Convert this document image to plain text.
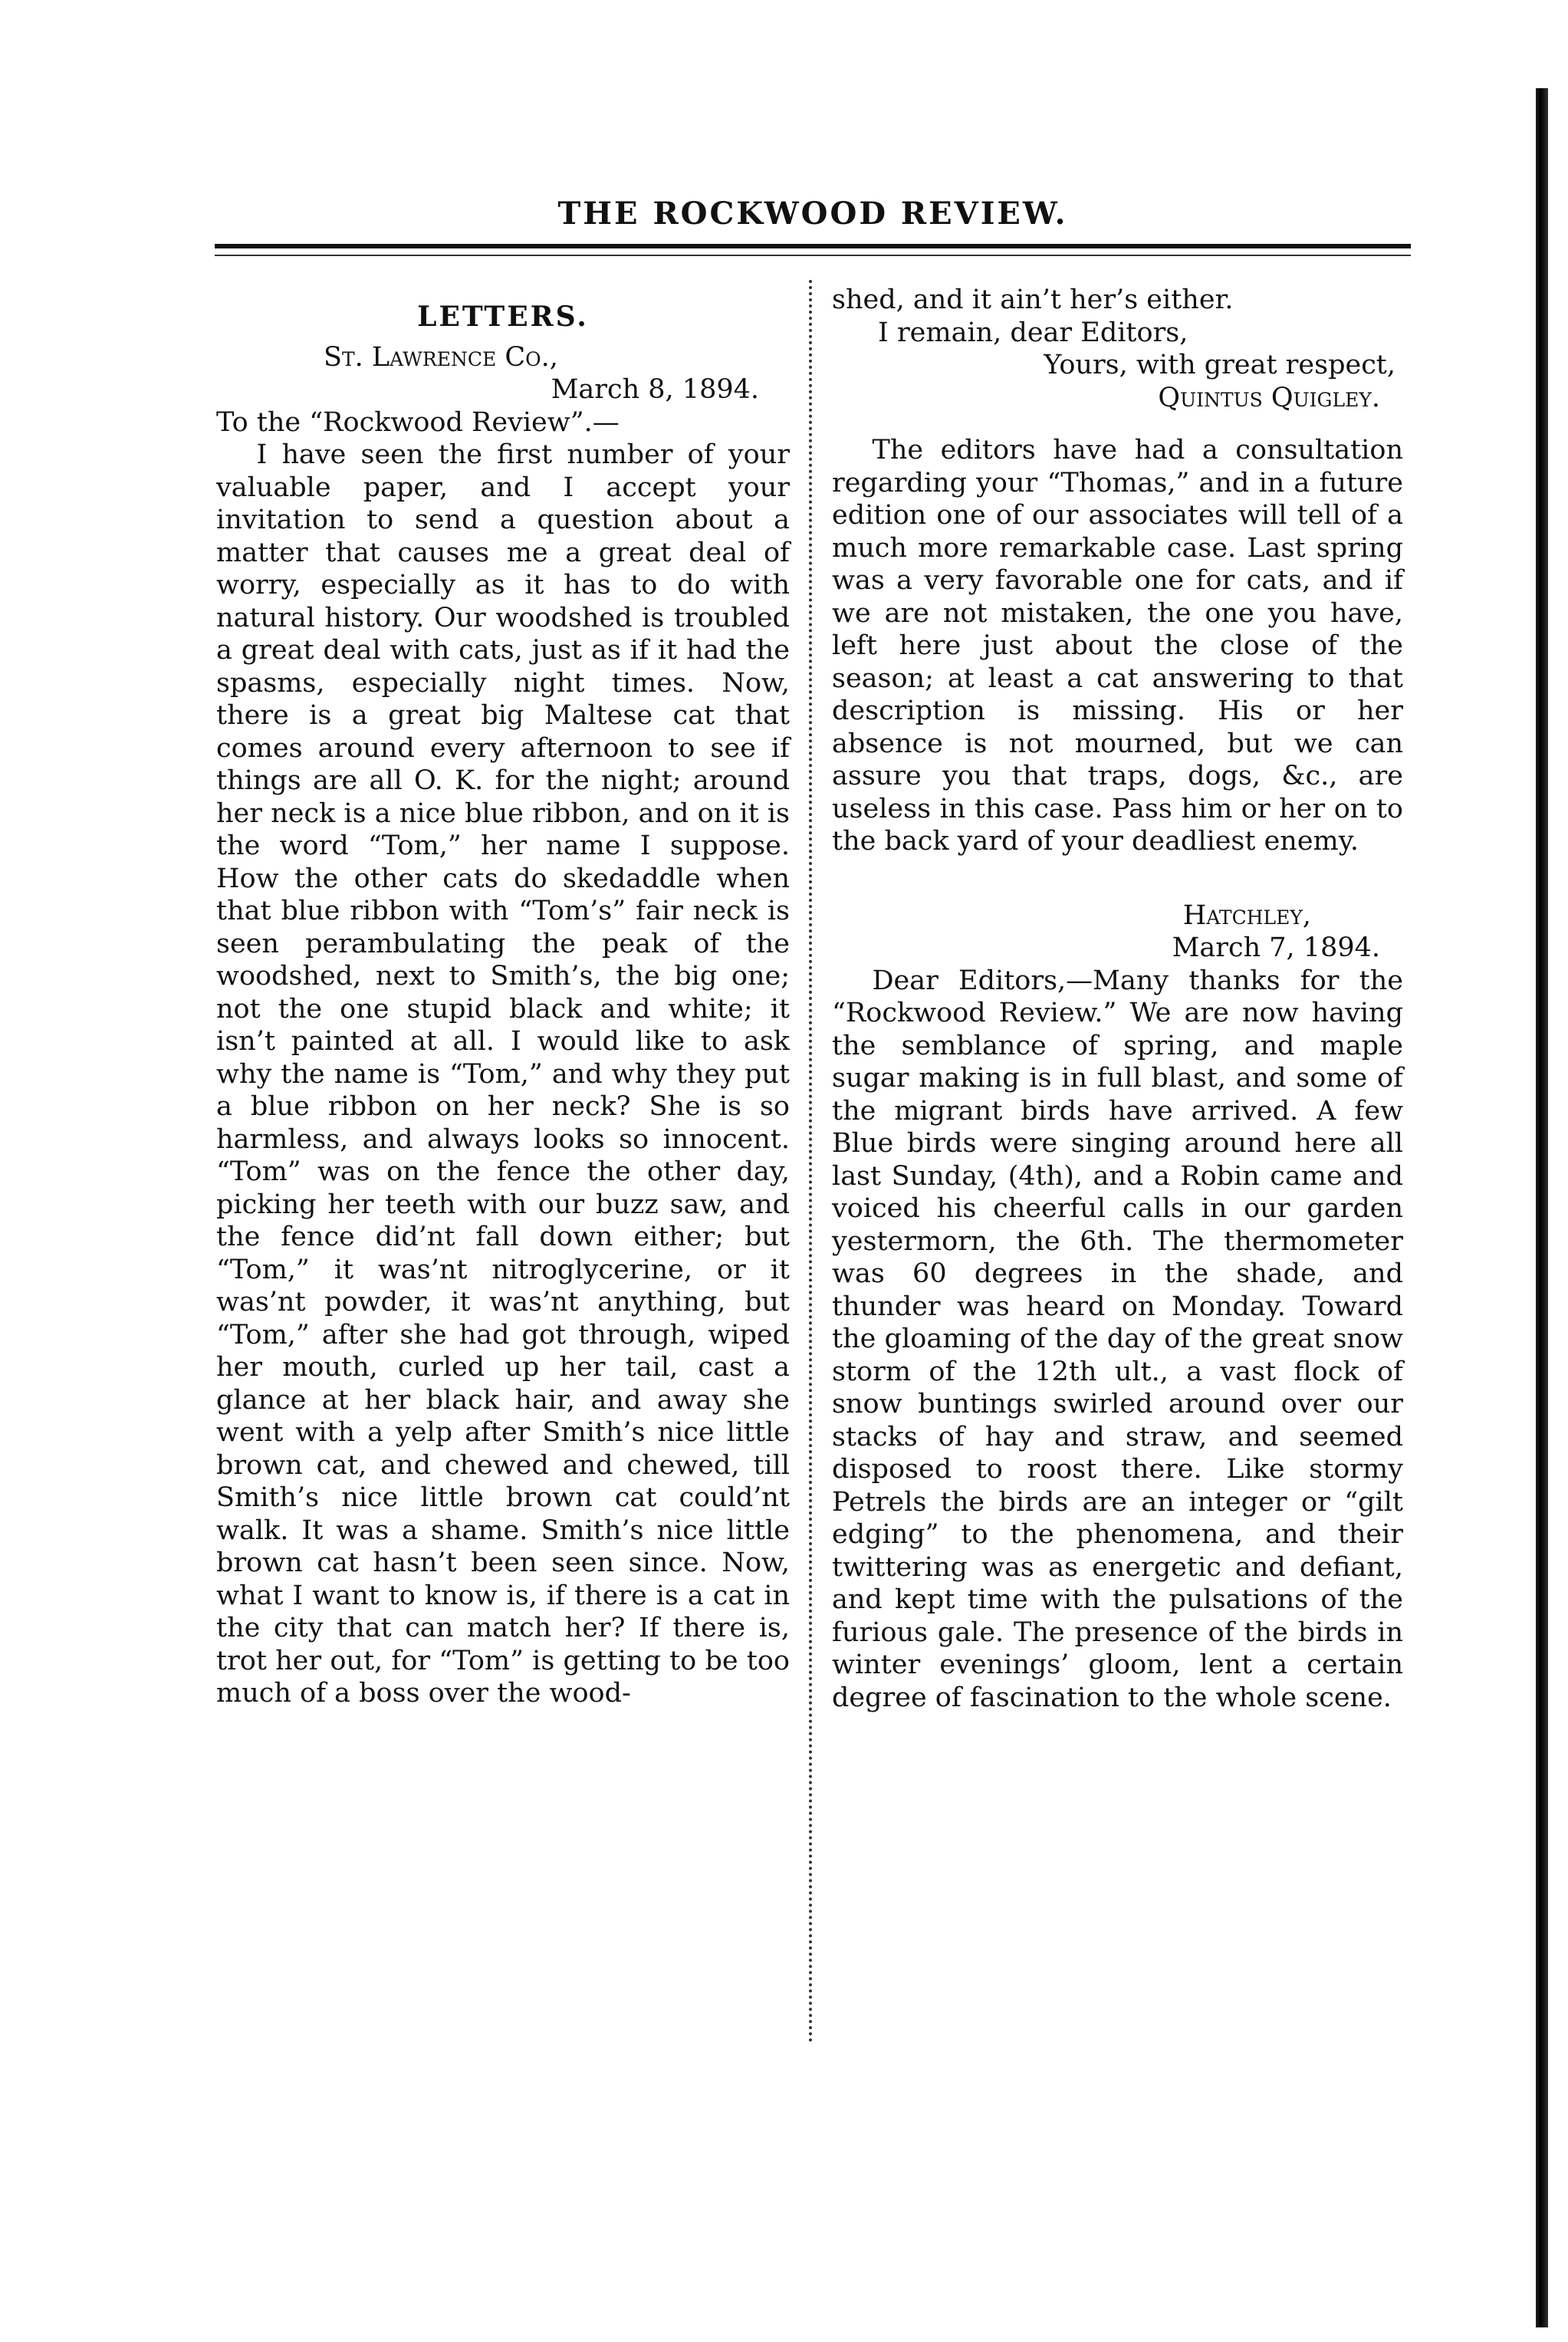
THE ROCKWOOD REVIEW.
LETTERS.
St. Lawrence Co.,
March 8, 1894.
To the “Rockwood Review”.—

I have seen the first number of your valuable paper, and I accept your invitation to send a question about a matter that causes me a great deal of worry, especially as it has to do with natural history. Our woodshed is troubled a great deal with cats, just as if it had the spasms, especially night times. Now, there is a great big Maltese cat that comes around every afternoon to see if things are all O. K. for the night; around her neck is a nice blue ribbon, and on it is the word “Tom,” her name I suppose. How the other cats do skedaddle when that blue ribbon with “Tom’s” fair neck is seen perambulating the peak of the woodshed, next to Smith’s, the big one; not the one stupid black and white; it isn’t painted at all. I would like to ask why the name is “Tom,” and why they put a blue ribbon on her neck? She is so harmless, and always looks so innocent. “Tom” was on the fence the other day, picking her teeth with our buzz saw, and the fence did’nt fall down either; but “Tom,” it was’nt nitroglycerine, or it was’nt powder, it was’nt anything, but “Tom,” after she had got through, wiped her mouth, curled up her tail, cast a glance at her black hair, and away she went with a yelp after Smith’s nice little brown cat, and chewed and chewed, till Smith’s nice little brown cat could’nt walk. It was a shame. Smith’s nice little brown cat hasn’t been seen since. Now, what I want to know is, if there is a cat in the city that can match her? If there is, trot her out, for “Tom” is getting to be too much of a boss over the wood-

shed, and it ain’t her’s either.
I remain, dear Editors,
Yours, with great respect,
Quintus Quigley.

The editors have had a consultation regarding your “Thomas,” and in a future edition one of our associates will tell of a much more remarkable case. Last spring was a very favorable one for cats, and if we are not mistaken, the one you have, left here just about the close of the season; at least a cat answering to that description is missing. His or her absence is not mourned, but we can assure you that traps, dogs, &c., are useless in this case. Pass him or her on to the back yard of your deadliest enemy.

Hatchley,
March 7, 1894.

Dear Editors,—Many thanks for the “Rockwood Review.” We are now having the semblance of spring, and maple sugar making is in full blast, and some of the migrant birds have arrived. A few Blue birds were singing around here all last Sunday, (4th), and a Robin came and voiced his cheerful calls in our garden yestermorn, the 6th. The thermometer was 60 degrees in the shade, and thunder was heard on Monday. Toward the gloaming of the day of the great snow storm of the 12th ult., a vast flock of snow buntings swirled around over our stacks of hay and straw, and seemed disposed to roost there. Like stormy Petrels the birds are an integer or “gilt edging” to the phenomena, and their twittering was as energetic and defiant, and kept time with the pulsations of the furious gale. The presence of the birds in winter evenings’ gloom, lent a certain degree of fascination to the whole scene.
